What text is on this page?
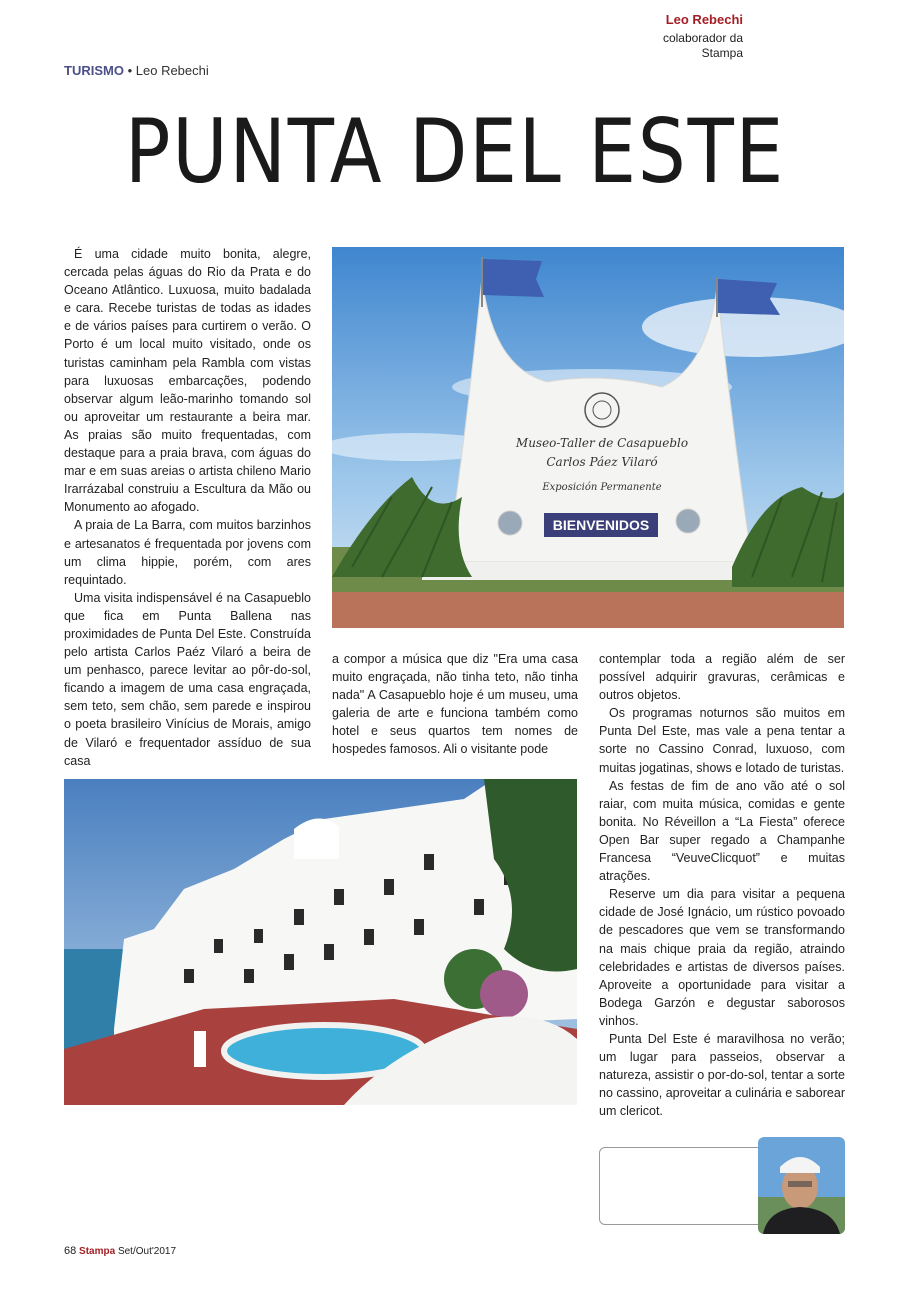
TURISMO • Leo Rebechi
PUNTA DEL ESTE

É uma cidade muito bonita, alegre, cercada pelas águas do Rio da Prata e do Oceano Atlântico. Luxuosa, muito badalada e cara. Recebe turistas de todas as idades e de vários países para curtirem o verão. O Porto é um local muito visitado, onde os turistas caminham pela Rambla com vistas para luxuosas embarcações, podendo observar algum leão-marinho tomando sol ou aproveitar um restaurante a beira mar. As praias são muito frequentadas, com destaque para a praia brava, com águas do mar e em suas areias o artista chileno Mario Irarrázabal construiu a Escultura da Mão ou Monumento ao afogado.

A praia de La Barra, com muitos barzinhos e artesanatos é frequentada por jovens com um clima hippie, porém, com ares requintado.

Uma visita indispensável é na Casapueblo que fica em Punta Ballena nas proximidades de Punta Del Este. Construída pelo artista Carlos Paéz Vilaró a beira de um penhasco, parece levitar ao pôr-do-sol, ficando a imagem de uma casa engraçada, sem teto, sem chão, sem parede e inspirou o poeta brasileiro Vinícius de Morais, amigo de Vilaró e frequentador assíduo de sua casa

Museo-Taller de Casapueblo
Carlos Páez Vilaró
Exposición Permanente
BIENVENIDOS

a compor a música que diz "Era uma casa muito engraçada, não tinha teto, não tinha nada" A Casapueblo hoje é um museu, uma galeria de arte e funciona também como hotel e seus quartos tem nomes de hospedes famosos. Ali o visitante pode

contemplar toda a região além de ser possível adquirir gravuras, cerâmicas e outros objetos.

Os programas noturnos são muitos em Punta Del Este, mas vale a pena tentar a sorte no Cassino Conrad, luxuoso, com muitas jogatinas, shows e lotado de turistas.

As festas de fim de ano vão até o sol raiar, com muita música, comidas e gente bonita. No Réveillon a “La Fiesta” oferece Open Bar super regado a Champanhe Francesa “VeuveClicquot” e muitas atrações.

Reserve um dia para visitar a pequena cidade de José Ignácio, um rústico povoado de pescadores que vem se transformando na mais chique praia da região, atraindo celebridades e artistas de diversos países. Aproveite a oportunidade para visitar a Bodega Garzón e degustar saborosos vinhos.

Punta Del Este é maravilhosa no verão; um lugar para passeios, observar a natureza, assistir o por-do-sol, tentar a sorte no cassino, aproveitar a culinária e saborear um clericot.

Leo Rebechi
colaborador da Stampa
68 Stampa Set/Out'2017
